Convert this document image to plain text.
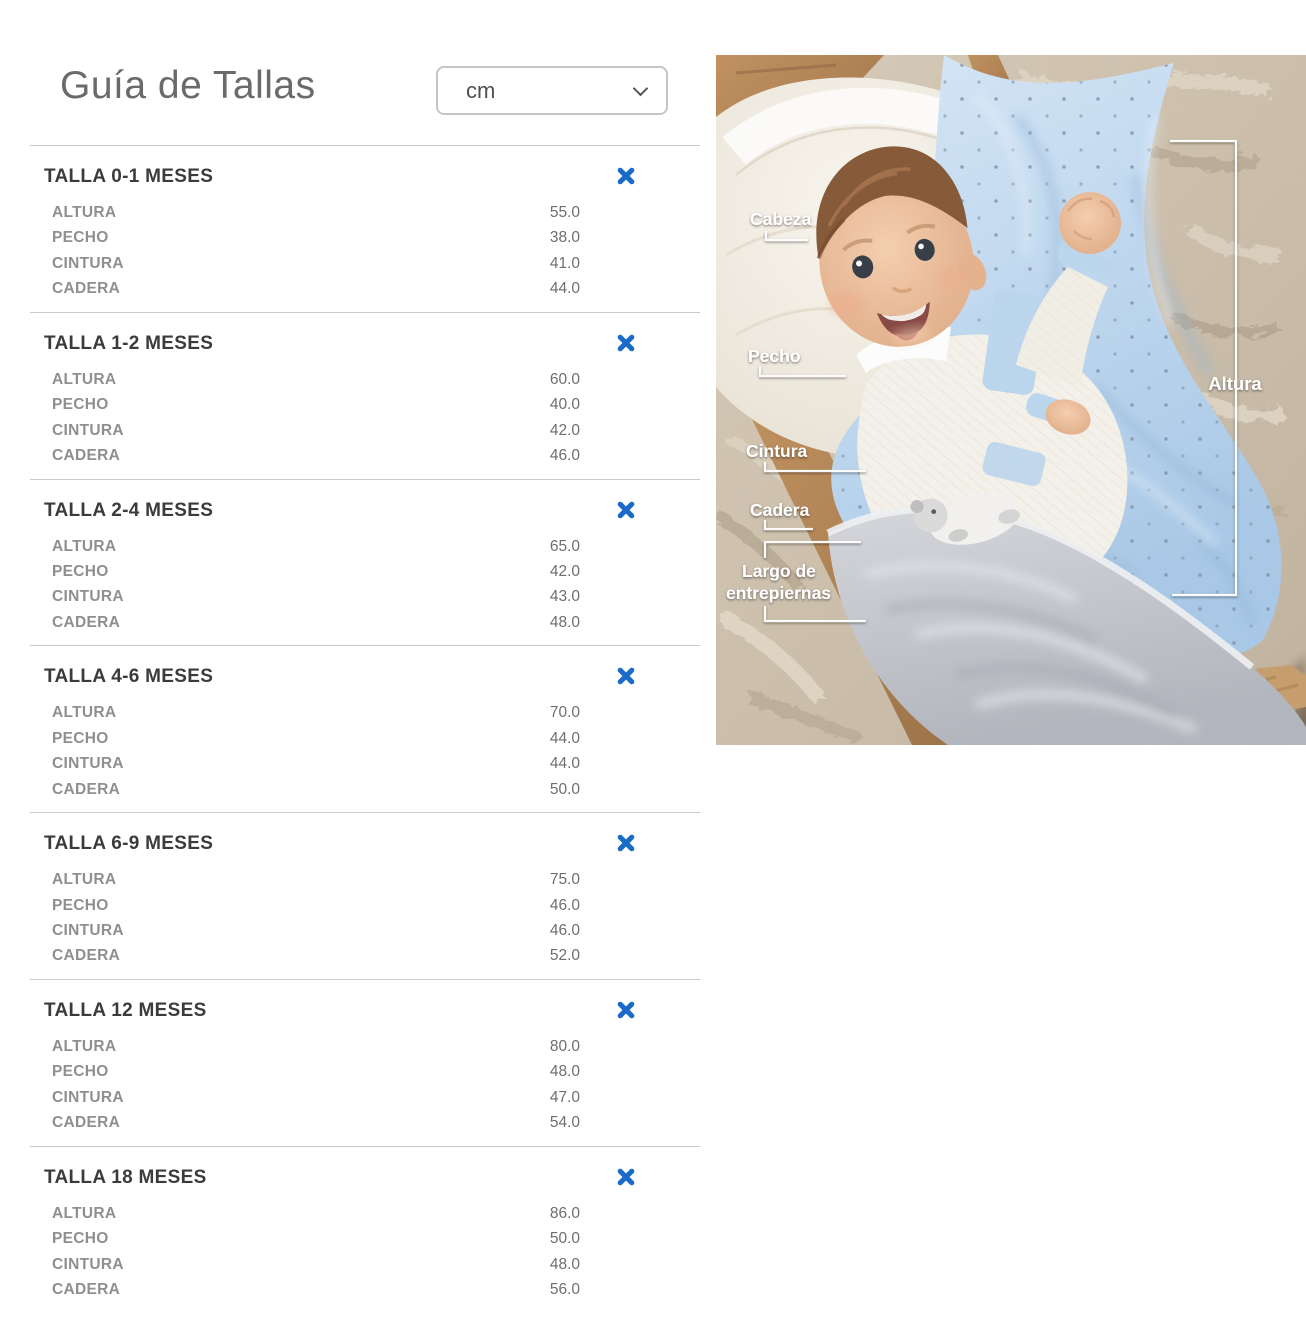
Guía de Tallas
cm
TALLA 0-1 MESES
ALTURA	55.0
PECHO	38.0
CINTURA	41.0
CADERA	44.0
TALLA 1-2 MESES
ALTURA	60.0
PECHO	40.0
CINTURA	42.0
CADERA	46.0
TALLA 2-4 MESES
ALTURA	65.0
PECHO	42.0
CINTURA	43.0
CADERA	48.0
TALLA 4-6 MESES
ALTURA	70.0
PECHO	44.0
CINTURA	44.0
CADERA	50.0
TALLA 6-9 MESES
ALTURA	75.0
PECHO	46.0
CINTURA	46.0
CADERA	52.0
TALLA 12 MESES
ALTURA	80.0
PECHO	48.0
CINTURA	47.0
CADERA	54.0
TALLA 18 MESES
ALTURA	86.0
PECHO	50.0
CINTURA	48.0
CADERA	56.0
Cabeza
Pecho
Cintura
Cadera
Largo de
entrepiernas
Altura
